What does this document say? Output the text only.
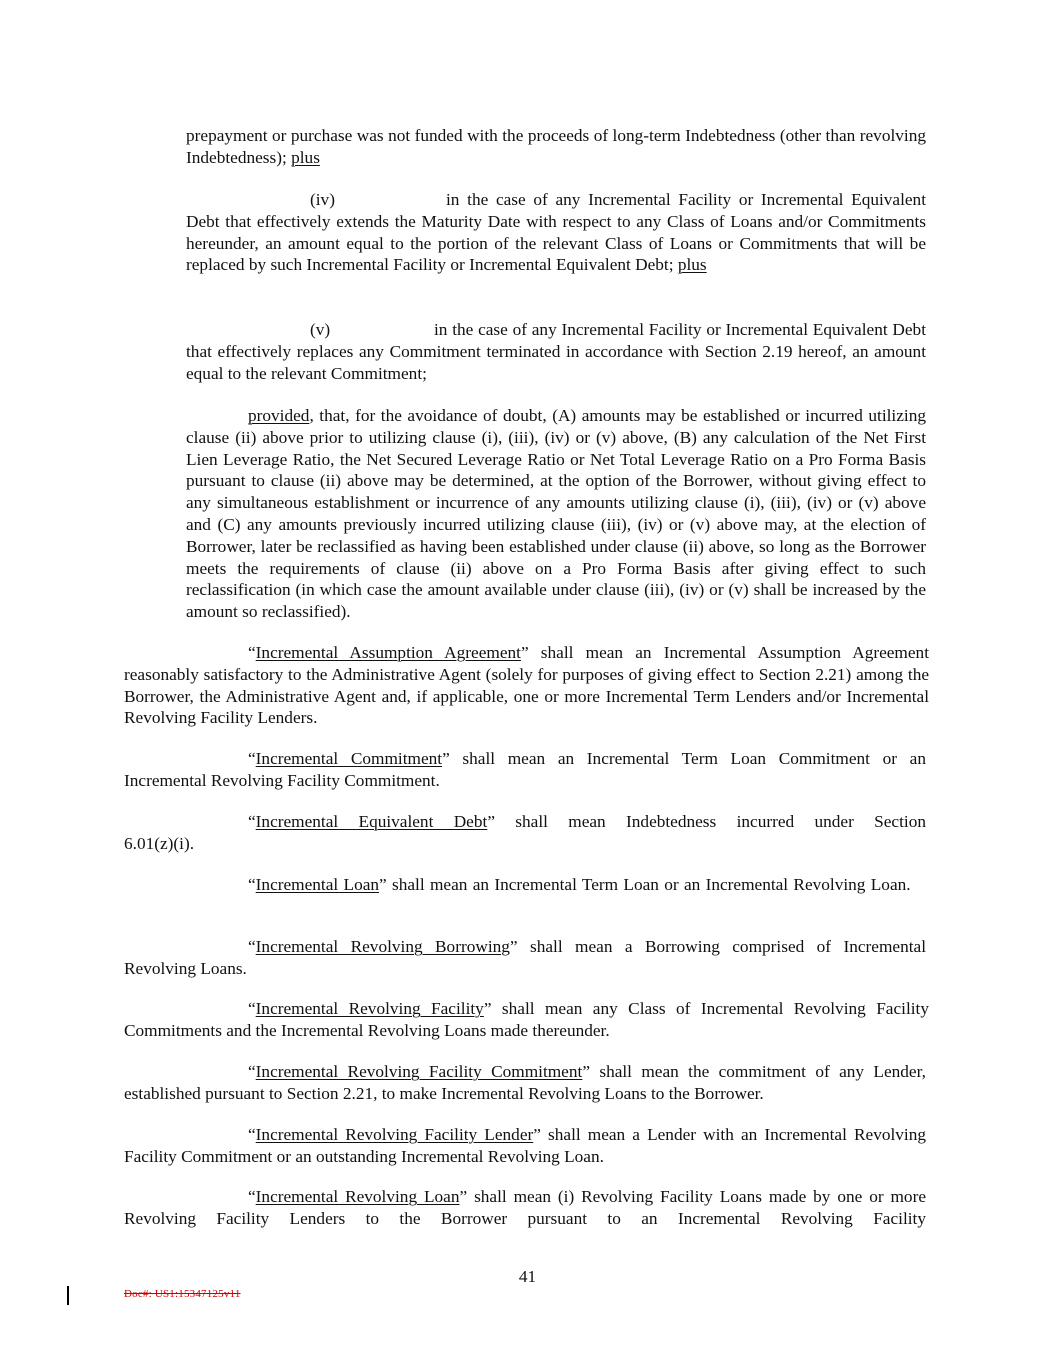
prepayment or purchase was not funded with the proceeds of long-term Indebtedness (other than revolving Indebtedness); plus

(iv)	in the case of any Incremental Facility or Incremental Equivalent Debt that effectively extends the Maturity Date with respect to any Class of Loans and/or Commitments hereunder, an amount equal to the portion of the relevant Class of Loans or Commitments that will be replaced by such Incremental Facility or Incremental Equivalent Debt; plus

(v)	in the case of any Incremental Facility or Incremental Equivalent Debt that effectively replaces any Commitment terminated in accordance with Section 2.19 hereof, an amount equal to the relevant Commitment;

provided, that, for the avoidance of doubt, (A) amounts may be established or incurred utilizing clause (ii) above prior to utilizing clause (i), (iii), (iv) or (v) above, (B) any calculation of the Net First Lien Leverage Ratio, the Net Secured Leverage Ratio or Net Total Leverage Ratio on a Pro Forma Basis pursuant to clause (ii) above may be determined, at the option of the Borrower, without giving effect to any simultaneous establishment or incurrence of any amounts utilizing clause (i), (iii), (iv) or (v) above and (C) any amounts previously incurred utilizing clause (iii), (iv) or (v) above may, at the election of Borrower, later be reclassified as having been established under clause (ii) above, so long as the Borrower meets the requirements of clause (ii) above on a Pro Forma Basis after giving effect to such reclassification (in which case the amount available under clause (iii), (iv) or (v) shall be increased by the amount so reclassified).

“Incremental Assumption Agreement” shall mean an Incremental Assumption Agreement reasonably satisfactory to the Administrative Agent (solely for purposes of giving effect to Section 2.21) among the Borrower, the Administrative Agent and, if applicable, one or more Incremental Term Lenders and/or Incremental Revolving Facility Lenders.

“Incremental Commitment” shall mean an Incremental Term Loan Commitment or an Incremental Revolving Facility Commitment.

“Incremental Equivalent Debt” shall mean Indebtedness incurred under Section 6.01(z)(i).

“Incremental Loan” shall mean an Incremental Term Loan or an Incremental Revolving Loan.

“Incremental Revolving Borrowing” shall mean a Borrowing comprised of Incremental Revolving Loans.

“Incremental Revolving Facility” shall mean any Class of Incremental Revolving Facility Commitments and the Incremental Revolving Loans made thereunder.

“Incremental Revolving Facility Commitment” shall mean the commitment of any Lender, established pursuant to Section 2.21, to make Incremental Revolving Loans to the Borrower.

“Incremental Revolving Facility Lender” shall mean a Lender with an Incremental Revolving Facility Commitment or an outstanding Incremental Revolving Loan.

“Incremental Revolving Loan” shall mean (i) Revolving Facility Loans made by one or more Revolving Facility Lenders to the Borrower pursuant to an Incremental Revolving Facility

41
Doc#: US1:15347125v11
